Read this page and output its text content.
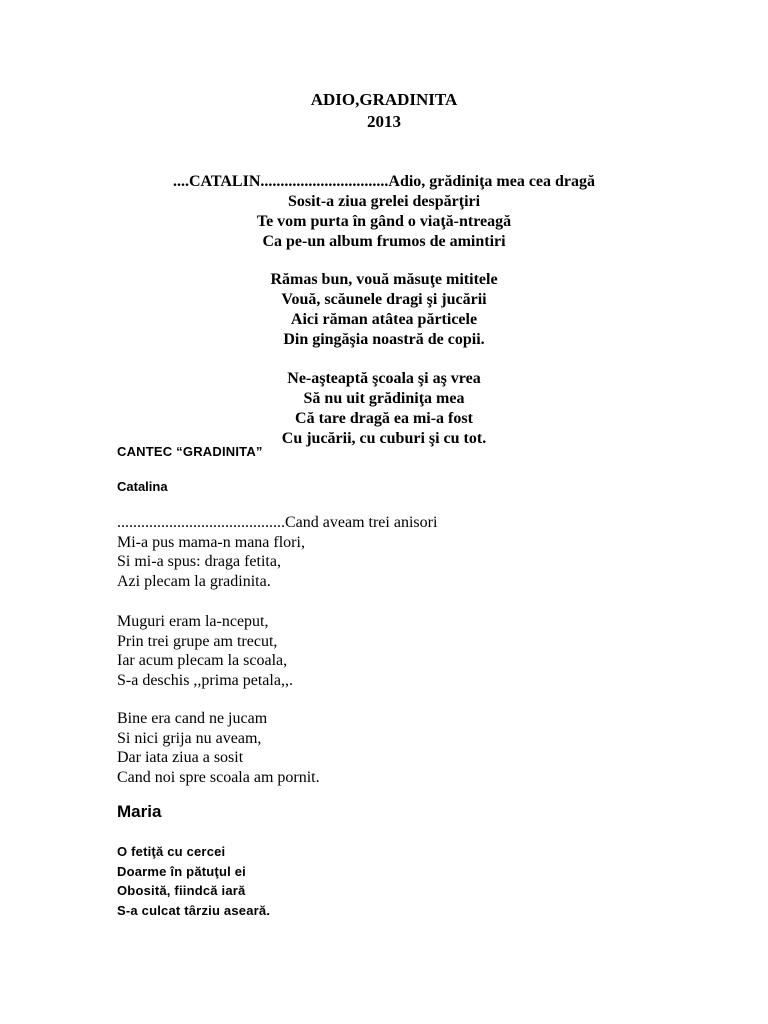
ADIO,GRADINITA
2013
....CATALIN................................Adio, grădiniţa mea cea dragă
Sosit-a ziua grelei despărţiri
Te vom purta în gând o viaţă-ntreagă
Ca pe-un album frumos de amintiri
Rămas bun, vouă măsuţe mititele
Vouă, scăunele dragi şi jucării
Aici răman atâtea părticele
Din gingăşia noastră de copii.
Ne-aşteaptă şcoala şi aş vrea
Să nu uit grădiniţa mea
Că tare dragă ea mi-a fost
Cu jucării, cu cuburi şi cu tot.
CANTEC “GRADINITA”
Catalina
..........................................Cand aveam trei anisori
Mi-a pus mama-n mana flori,
Si mi-a spus: draga fetita,
Azi plecam la gradinita.
Muguri eram la-nceput,
Prin trei grupe am trecut,
Iar acum plecam la scoala,
S-a deschis ,,prima petala,,.
Bine era cand ne jucam
Si nici grija nu aveam,
Dar iata ziua a sosit
Cand noi spre scoala am pornit.
Maria
O fetiţă cu cercei
Doarme în pătuţul ei
Obosită, fiindcă iară
S-a culcat târziu aseară.
